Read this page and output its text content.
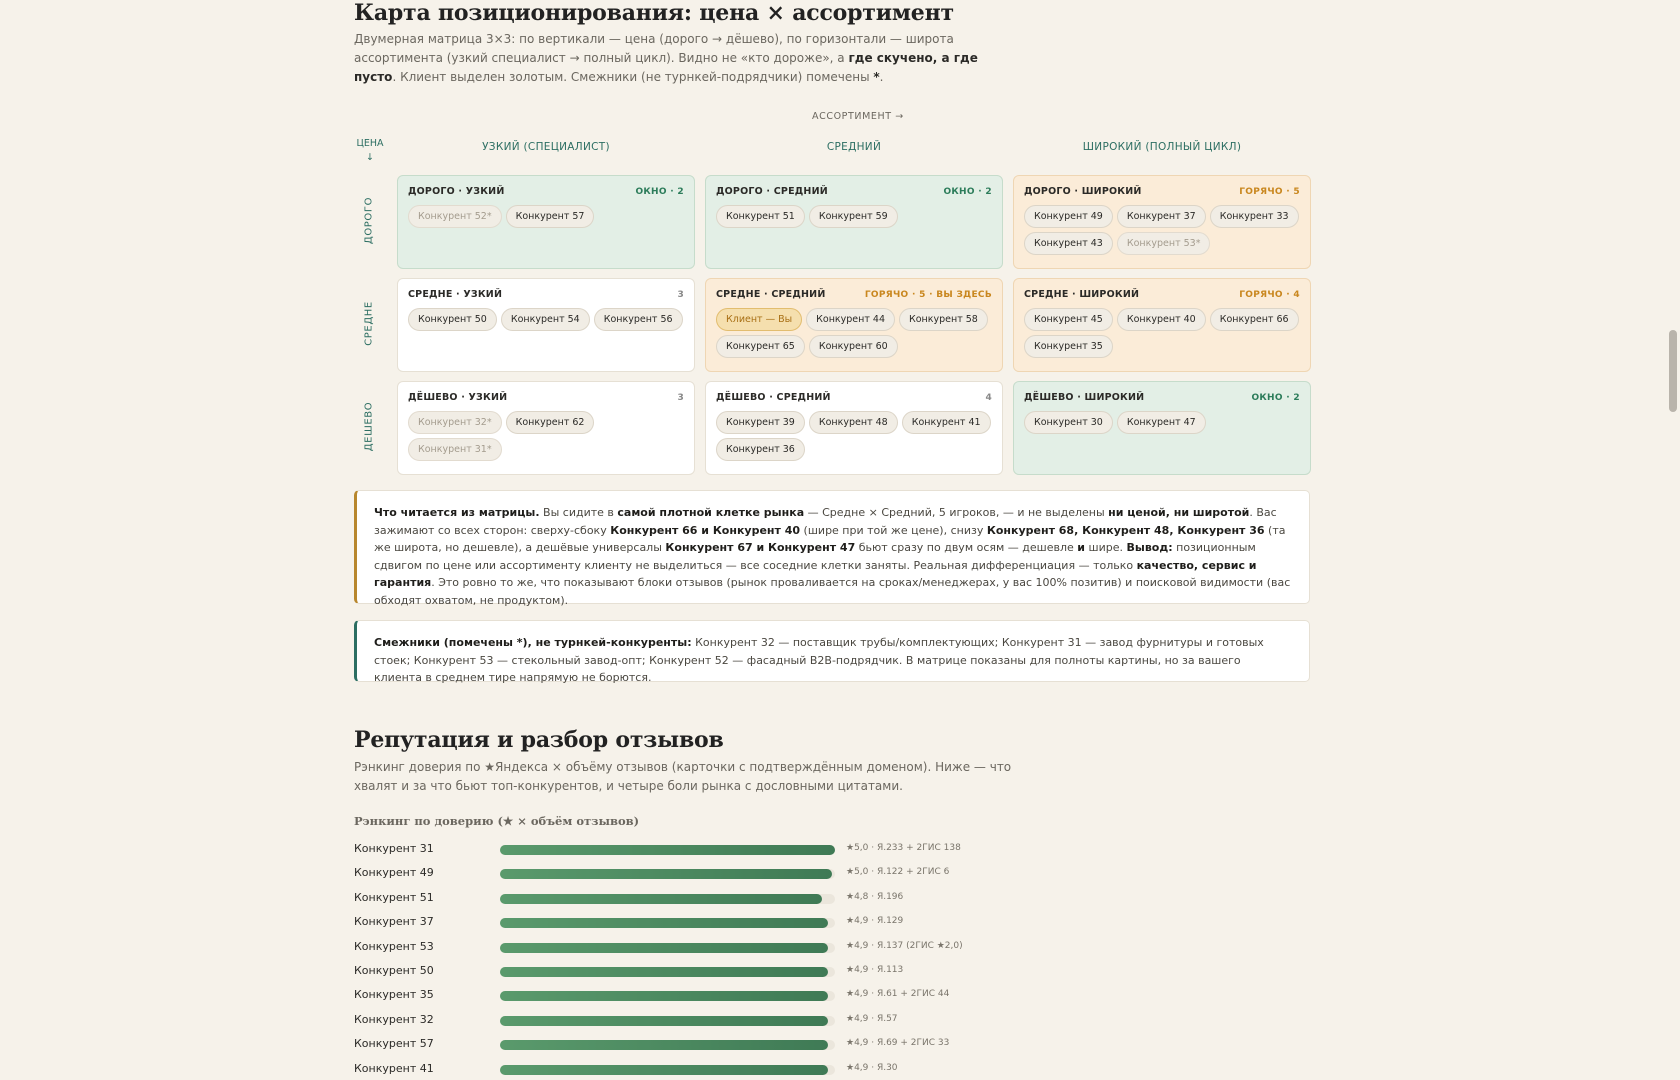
Карта позиционирования: цена × ассортимент
Двумерная матрица 3×3: по вертикали — цена (дорого → дёшево), по горизонтали — широта ассортимента (узкий специалист → полный цикл). Видно не «кто дороже», а где скучено, а где пусто. Клиент выделен золотым. Смежники (не турнкей-подрядчики) помечены *.
АССОРТИМЕНТ →
ЦЕНА
↓
УЗКИЙ (СПЕЦИАЛИСТ)	СРЕДНИЙ	ШИРОКИЙ (ПОЛНЫЙ ЦИКЛ)
ДОРОГО
СРЕДНЕ
ДЕШЕВО
ДОРОГО · УЗКИЙ	ОКНО · 2
Конкурент 52*	Конкурент 57
ДОРОГО · СРЕДНИЙ	ОКНО · 2
Конкурент 51	Конкурент 59
ДОРОГО · ШИРОКИЙ	ГОРЯЧО · 5
Конкурент 49	Конкурент 37	Конкурент 33
Конкурент 43	Конкурент 53*
СРЕДНЕ · УЗКИЙ	3
Конкурент 50	Конкурент 54	Конкурент 56
СРЕДНЕ · СРЕДНИЙ	ГОРЯЧО · 5 · ВЫ ЗДЕСЬ
Клиент — Вы	Конкурент 44	Конкурент 58
Конкурент 65	Конкурент 60
СРЕДНЕ · ШИРОКИЙ	ГОРЯЧО · 4
Конкурент 45	Конкурент 40	Конкурент 66
Конкурент 35
ДЁШЕВО · УЗКИЙ	3
Конкурент 32*	Конкурент 62
Конкурент 31*
ДЁШЕВО · СРЕДНИЙ	4
Конкурент 39	Конкурент 48	Конкурент 41
Конкурент 36
ДЁШЕВО · ШИРОКИЙ	ОКНО · 2
Конкурент 30	Конкурент 47
Что читается из матрицы. Вы сидите в самой плотной клетке рынка — Средне × Средний, 5 игроков, — и не выделены ни ценой, ни широтой. Вас зажимают со всех сторон: сверху-сбоку Конкурент 66 и Конкурент 40 (шире при той же цене), снизу Конкурент 68, Конкурент 48, Конкурент 36 (та же широта, но дешевле), а дешёвые универсалы Конкурент 67 и Конкурент 47 бьют сразу по двум осям — дешевле и шире. Вывод: позиционным сдвигом по цене или ассортименту клиенту не выделиться — все соседние клетки заняты. Реальная дифференциация — только качество, сервис и гарантия. Это ровно то же, что показывают блоки отзывов (рынок проваливается на сроках/менеджерах, у вас 100% позитив) и поисковой видимости (вас обходят охватом, не продуктом).
Смежники (помечены *), не турнкей-конкуренты: Конкурент 32 — поставщик трубы/комплектующих; Конкурент 31 — завод фурнитуры и готовых стоек; Конкурент 53 — стекольный завод-опт; Конкурент 52 — фасадный B2B-подрядчик. В матрице показаны для полноты картины, но за вашего клиента в среднем тире напрямую не борются.
Репутация и разбор отзывов
Рэнкинг доверия по ★Яндекса × объёму отзывов (карточки с подтверждённым доменом). Ниже — что хвалят и за что бьют топ-конкурентов, и четыре боли рынка с дословными цитатами.
Рэнкинг по доверию (★ × объём отзывов)
Конкурент 31	★5,0 · Я.233 + 2ГИС 138
Конкурент 49	★5,0 · Я.122 + 2ГИС 6
Конкурент 51	★4,8 · Я.196
Конкурент 37	★4,9 · Я.129
Конкурент 53	★4,9 · Я.137 (2ГИС ★2,0)
Конкурент 50	★4,9 · Я.113
Конкурент 35	★4,9 · Я.61 + 2ГИС 44
Конкурент 32	★4,9 · Я.57
Конкурент 57	★4,9 · Я.69 + 2ГИС 33
Конкурент 41	★4,9 · Я.30
